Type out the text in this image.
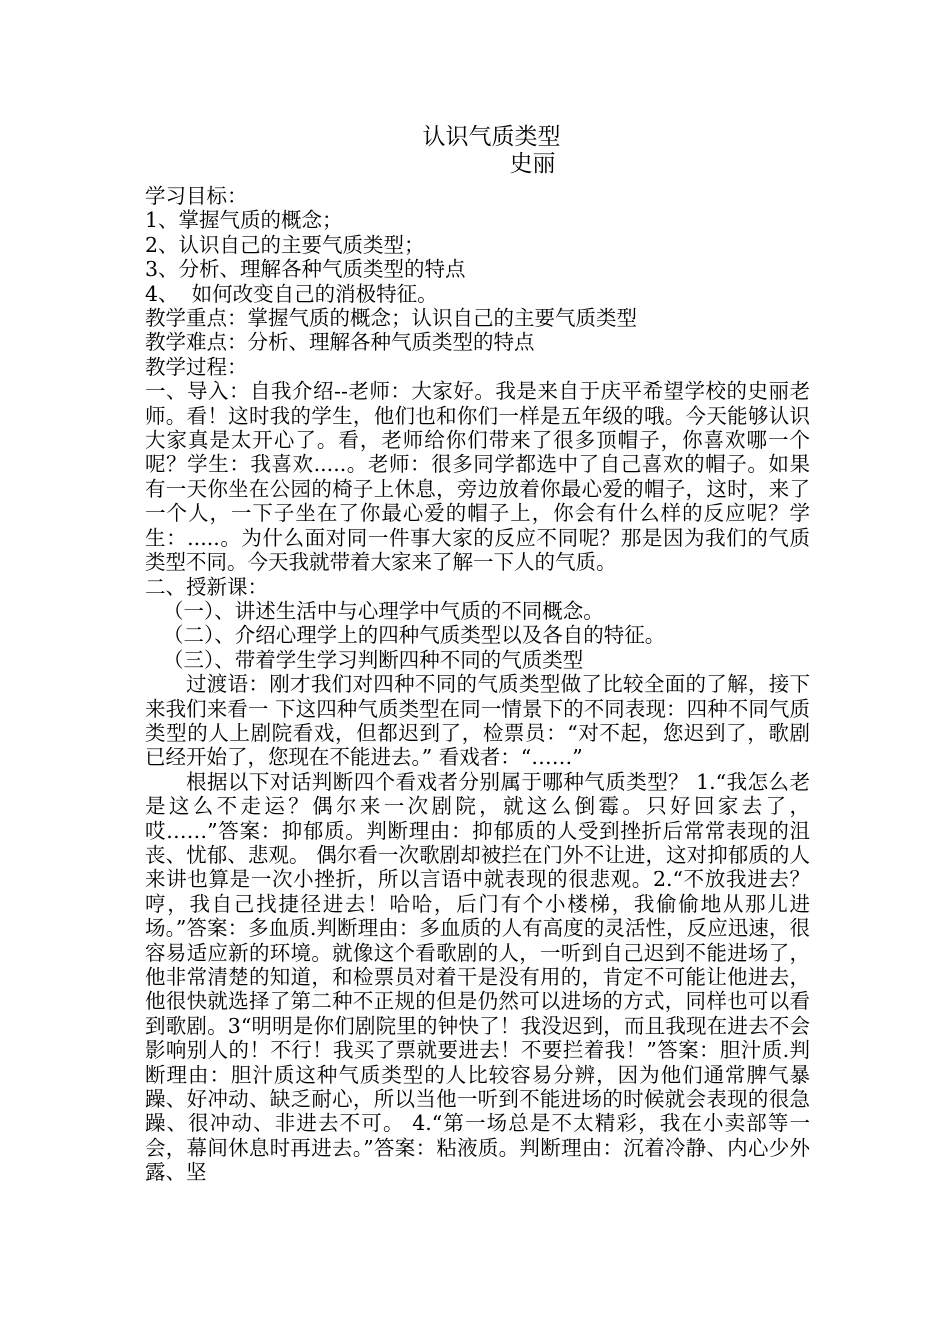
认识气质类型
史丽
学习目标：
1、掌握气质的概念；
2、认识自己的主要气质类型；
3、分析、理解各种气质类型的特点
4、  如何改变自己的消极特征。
教学重点：掌握气质的概念；认识自己的主要气质类型
教学难点：分析、理解各种气质类型的特点
教学过程：

一、导入：自我介绍--老师：大家好。我是来自于庆平希望学校的史丽老师。看！这时我的学生，他们也和你们一样是五年级的哦。今天能够认识大家真是太开心了。看，老师给你们带来了很多顶帽子，你喜欢哪一个呢？学生：我喜欢.....。老师：很多同学都选中了自己喜欢的帽子。如果有一天你坐在公园的椅子上休息，旁边放着你最心爱的帽子，这时，来了一个人，一下子坐在了你最心爱的帽子上，你会有什么样的反应呢？学生：.....。为什么面对同一件事大家的反应不同呢？那是因为我们的气质类型不同。今天我就带着大家来了解一下人的气质。

二、授新课：
（一）、讲述生活中与心理学中气质的不同概念。
（二）、介绍心理学上的四种气质类型以及各自的特征。
（三）、带着学生学习判断四种不同的气质类型

过渡语：刚才我们对四种不同的气质类型做了比较全面的了解，接下来我们来看一 下这四种气质类型在同一情景下的不同表现：四种不同气质类型的人上剧院看戏，但都迟到了，检票员：“对不起，您迟到了，歌剧已经开始了，您现在不能进去。” 看戏者：“……”

根据以下对话判断四个看戏者分别属于哪种气质类型？ 1.“我怎么老是这么不走运？偶尔来一次剧院，就这么倒霉。只好回家去了，哎……”答案：抑郁质。判断理由：抑郁质的人受到挫折后常常表现的沮丧、忧郁、悲观。 偶尔看一次歌剧却被拦在门外不让进，这对抑郁质的人来讲也算是一次小挫折，所以言语中就表现的很悲观。2.“不放我进去？哼，我自己找捷径进去！哈哈，后门有个小楼梯，我偷偷地从那儿进场。”答案：多血质.判断理由：多血质的人有高度的灵活性，反应迅速，很容易适应新的环境。就像这个看歌剧的人，一听到自己迟到不能进场了，他非常清楚的知道，和检票员对着干是没有用的，肯定不可能让他进去，他很快就选择了第二种不正规的但是仍然可以进场的方式，同样也可以看到歌剧。3“明明是你们剧院里的钟快了！我没迟到，而且我现在进去不会影响别人的！不行！我买了票就要进去！不要拦着我！”答案：胆汁质.判断理由：胆汁质这种气质类型的人比较容易分辨，因为他们通常脾气暴躁、好冲动、缺乏耐心，所以当他一听到不能进场的时候就会表现的很急躁、很冲动、非进去不可。 4.“第一场总是不太精彩，我在小卖部等一会，幕间休息时再进去。”答案：粘液质。判断理由：沉着冷静、内心少外露、坚
